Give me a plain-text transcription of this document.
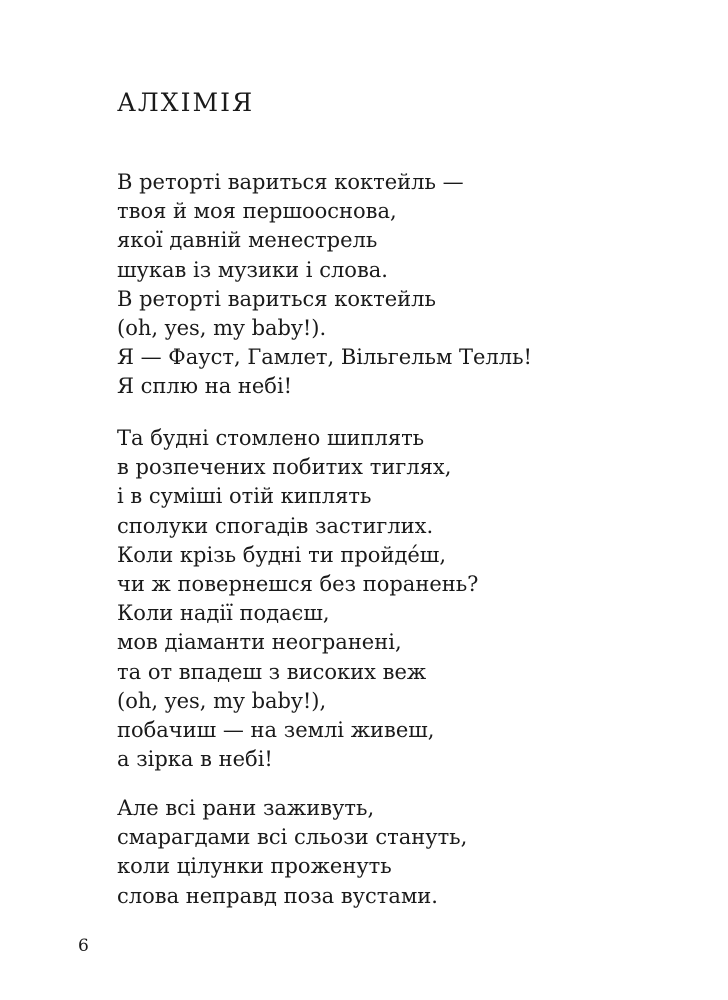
АЛХІМІЯ
В реторті вариться коктейль —
твоя й моя першооснова,
якої давній менестрель
шукав із музики і слова.
В реторті вариться коктейль
(oh, yes, my baby!).
Я — Фауст, Гамлет, Вільгельм Телль!
Я сплю на небі!
Та будні стомлено шиплять
в розпечених побитих тиглях,
і в суміші отій киплять
сполуки спогадів застиглих.
Коли крізь будні ти пройде́ш,
чи ж повернешся без поранень?
Коли надії подаєш,
мов діаманти неогранені,
та от впадеш з високих веж
(oh, yes, my baby!),
побачиш — на землі живеш,
а зірка в небі!
Але всі рани заживуть,
смарагдами всі сльози стануть,
коли цілунки проженуть
слова неправд поза вустами.
6
